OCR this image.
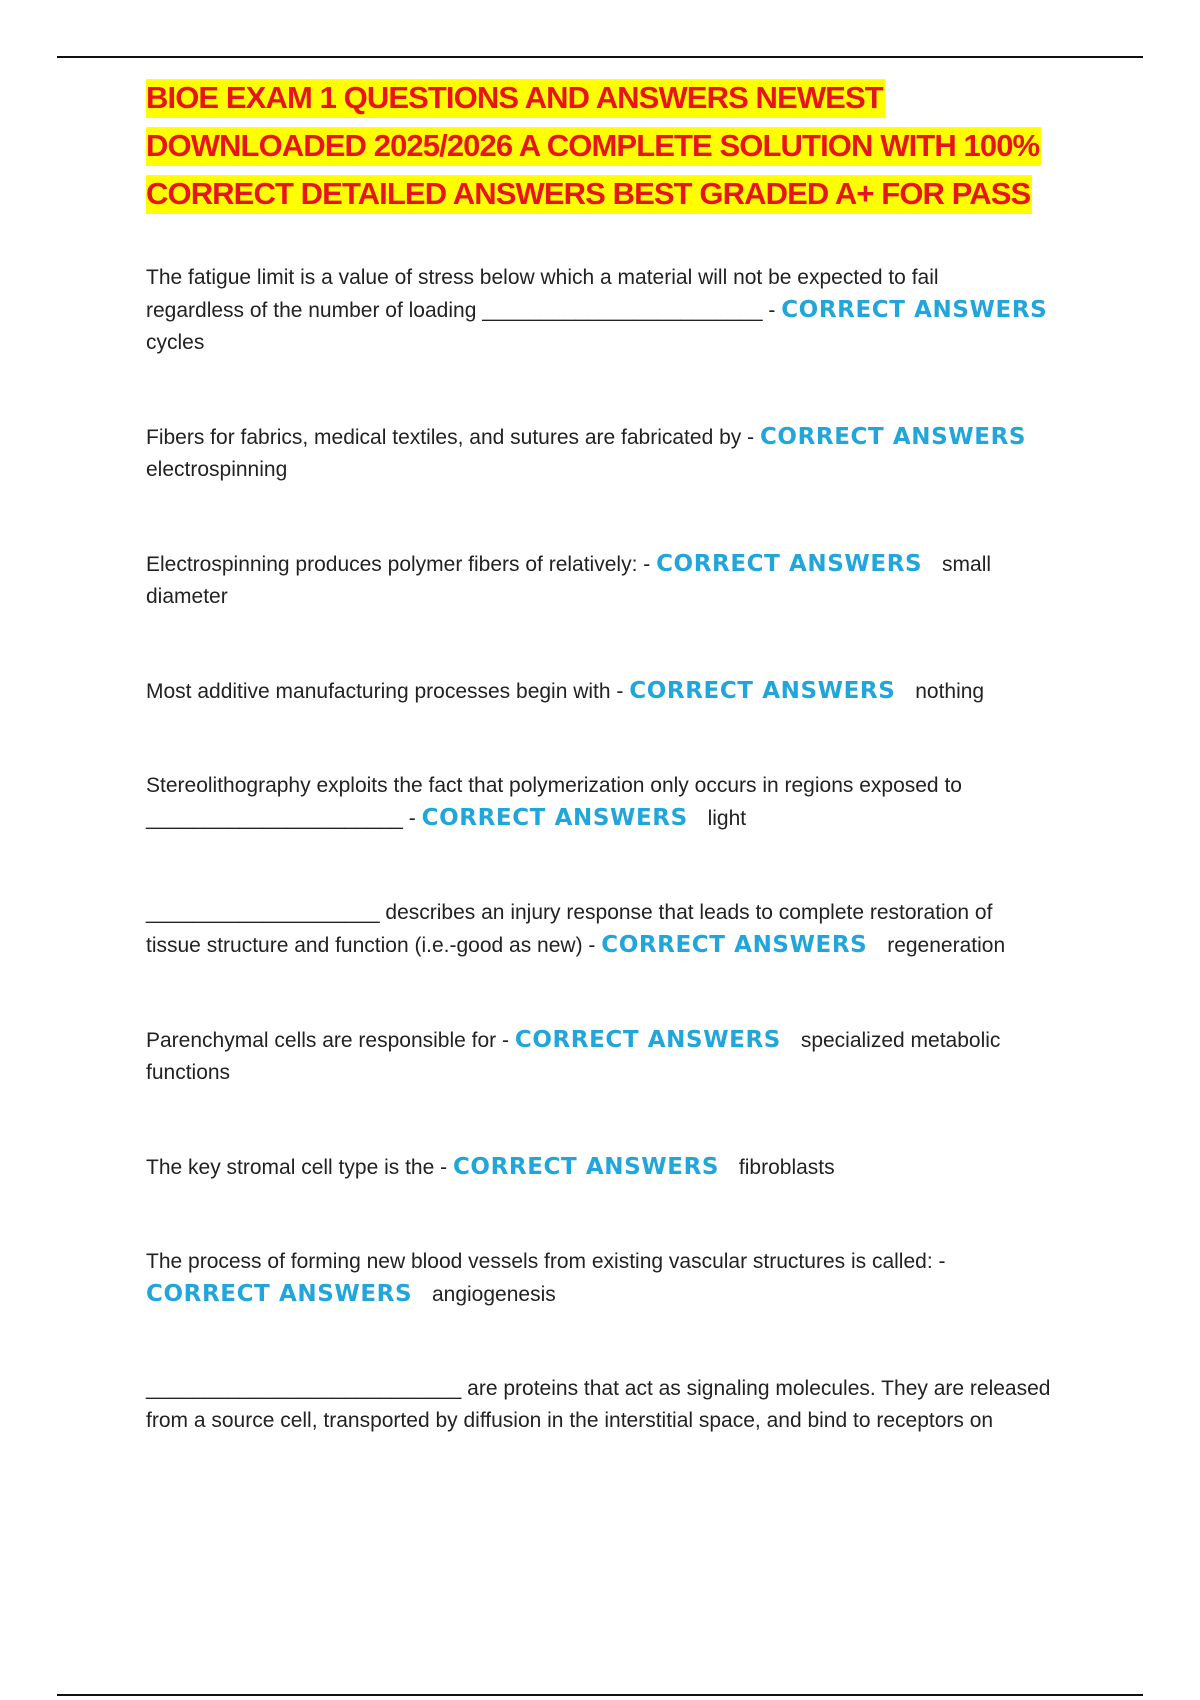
BIOE EXAM 1 QUESTIONS AND ANSWERS NEWEST
DOWNLOADED 2025/2026 A COMPLETE SOLUTION WITH 100%
CORRECT DETAILED ANSWERS BEST GRADED A+ FOR PASS

The fatigue limit is a value of stress below which a material will not be expected to fail
regardless of the number of loading ________________________ - CORRECT ANSWERS
cycles

Fibers for fabrics, medical textiles, and sutures are fabricated by - CORRECT ANSWERS
electrospinning

Electrospinning produces polymer fibers of relatively: - CORRECT ANSWERS small
diameter

Most additive manufacturing processes begin with - CORRECT ANSWERS nothing

Stereolithography exploits the fact that polymerization only occurs in regions exposed to
______________________ - CORRECT ANSWERS light

____________________ describes an injury response that leads to complete restoration of
tissue structure and function (i.e.-good as new) - CORRECT ANSWERS regeneration

Parenchymal cells are responsible for - CORRECT ANSWERS specialized metabolic
functions

The key stromal cell type is the - CORRECT ANSWERS fibroblasts

The process of forming new blood vessels from existing vascular structures is called: -
CORRECT ANSWERS angiogenesis

___________________________ are proteins that act as signaling molecules. They are released
from a source cell, transported by diffusion in the interstitial space, and bind to receptors on
